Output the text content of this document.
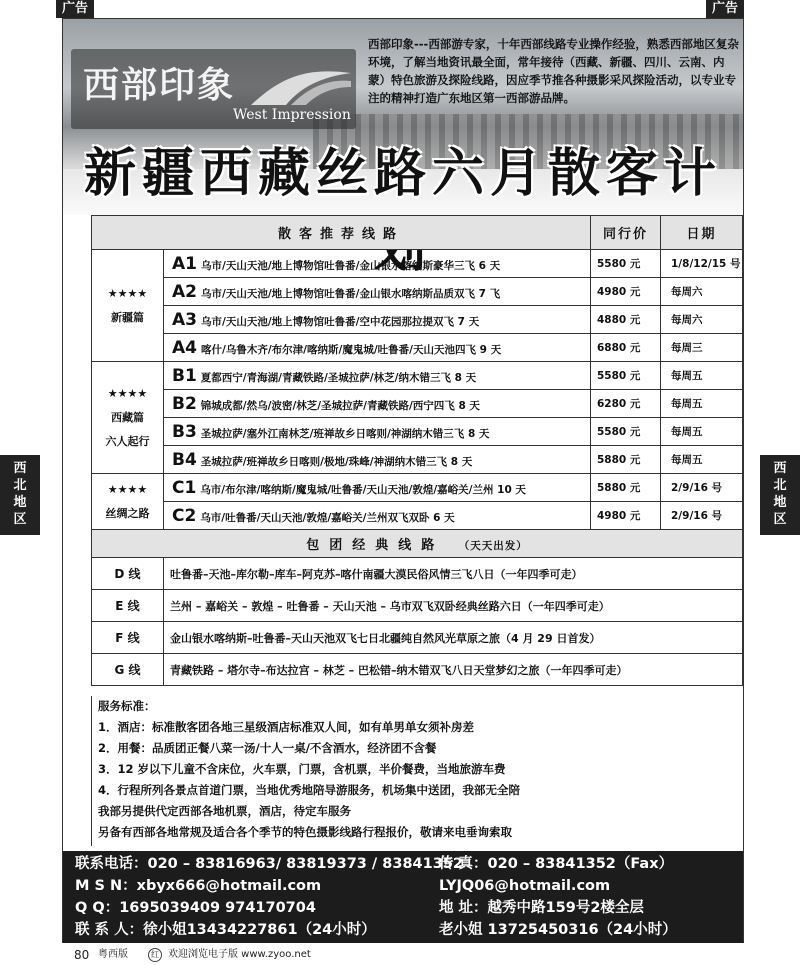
广告	广告
西北地区
西北地区
西部印象
West Impression
西部印象---西部游专家，十年西部线路专业操作经验，熟悉西部地区复杂环境，了解当地资讯最全面，常年接待（西藏、新疆、四川、云南、内蒙）特色旅游及探险线路，因应季节推各种摄影采风探险活动，以专业专注的精神打造广东地区第一西部游品牌。
新疆西藏丝路六月散客计
散客推荐线路		同行价	日期

★★★★
新疆篇	A1 乌市/天山天池/地上博物馆吐鲁番/金山银水喀纳斯豪华三飞 6 天	5580 元	1/8/12/15 号
	A2 乌市/天山天池/地上博物馆吐鲁番/金山银水喀纳斯品质双飞 7 飞	4980 元	每周六
	A3 乌市/天山天池/地上博物馆吐鲁番/空中花园那拉提双飞 7 天	4880 元	每周六
	A4 喀什/乌鲁木齐/布尔津/喀纳斯/魔鬼城/吐鲁番/天山天池四飞 9 天	6880 元	每周三

★★★★
西藏篇
六人起行	B1 夏都西宁/青海湖/青藏铁路/圣城拉萨/林芝/纳木错三飞 8 天	5580 元	每周五
	B2 锦城成都/然乌/波密/林芝/圣城拉萨/青藏铁路/西宁四飞 8 天	6280 元	每周五
	B3 圣城拉萨/塞外江南林芝/班禅故乡日喀则/神湖纳木错三飞 8 天	5580 元	每周五
	B4 圣城拉萨/班禅故乡日喀则/极地/珠峰/神湖纳木错三飞 8 天	5880 元	每周五

★★★★
丝绸之路	C1 乌市/布尔津/喀纳斯/魔鬼城/吐鲁番/天山天池/敦煌/嘉峪关/兰州 10 天	5880 元	2/9/16 号
	C2 乌市/吐鲁番/天山天池/敦煌/嘉峪关/兰州双飞双卧 6 天	4980 元	2/9/16 号
包团经典线路 （天天出发）			
D 线	吐鲁番–天池–库尔勒–库车–阿克苏–喀什南疆大漠民俗风情三飞八日（一年四季可走）		
E 线	兰州 – 嘉峪关 – 敦煌 – 吐鲁番 – 天山天池 – 乌市双飞双卧经典丝路六日（一年四季可走）		
F 线	金山银水喀纳斯–吐鲁番–天山天池双飞七日北疆纯自然风光草原之旅（4 月 29 日首发）		
G 线	青藏铁路 – 塔尔寺–布达拉宫 – 林芝 – 巴松错–纳木错双飞八日天堂梦幻之旅（一年四季可走）		
服务标准：
1．酒店：标准散客团各地三星级酒店标准双人间，如有单男单女须补房差
2．用餐：品质团正餐八菜一汤/十人一桌/不含酒水，经济团不含餐
3．12 岁以下儿童不含床位，火车票，门票，含机票，半价餐费，当地旅游车费
4．行程所列各景点首道门票，当地优秀地陪导游服务，机场集中送团，我部无全陪
我部另提供代定西部各地机票，酒店，待定车服务
另备有西部各地常规及适合各个季节的特色摄影线路行程报价，敬请来电垂询索取
联系电话：020 – 83816963/ 83819373 / 83841352
传 真：020 – 83841352（Fax）
M S N：xbyx666@hotmail.com	LYJQ06@hotmail.com
Q Q：1695039409 974170704	地 址：越秀中路159号2楼全层
联 系 人：徐小姐13434227861（24小时）	老小姐 13725450316（24小时）
80 粤西版	红 欢迎浏览电子版 www.zyoo.net
